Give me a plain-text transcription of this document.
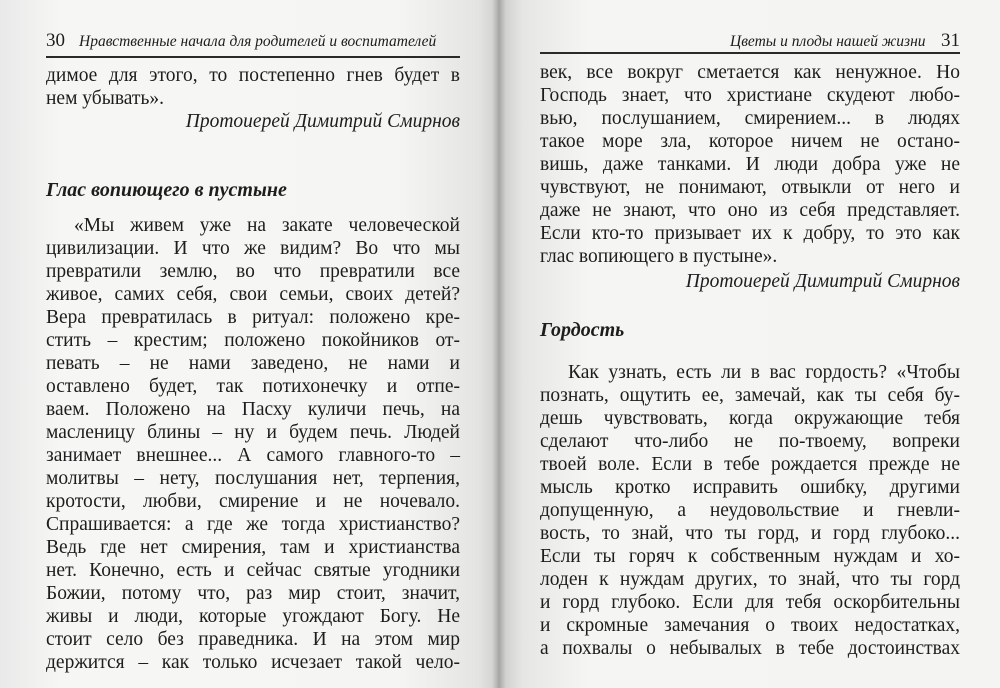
30 Нравственные начала для родителей и воспитателей
димое для этого, то постепенно гнев будет в
нем убывать».
Протоиерей Димитрий Смирнов
Глас вопиющего в пустыне
«Мы живем уже на закате человеческой
цивилизации. И что же видим? Во что мы
превратили землю, во что превратили все
живое, самих себя, свои семьи, своих детей?
Вера превратилась в ритуал: положено кре-
стить – крестим; положено покойников от-
певать – не нами заведено, не нами и
оставлено будет, так потихонечку и отпе-
ваем. Положено на Пасху куличи печь, на
масленицу блины – ну и будем печь. Людей
занимает внешнее... А самого главного-то –
молитвы – нету, послушания нет, терпения,
кротости, любви, смирение и не ночевало.
Спрашивается: а где же тогда христианство?
Ведь где нет смирения, там и христианства
нет. Конечно, есть и сейчас святые угодники
Божии, потому что, раз мир стоит, значит,
живы и люди, которые угождают Богу. Не
стоит село без праведника. И на этом мир
держится – как только исчезает такой чело-
Цветы и плоды нашей жизни 31
век, все вокруг сметается как ненужное. Но
Господь знает, что христиане скудеют любо-
вью, послушанием, смирением... в людях
такое море зла, которое ничем не остано-
вишь, даже танками. И люди добра уже не
чувствуют, не понимают, отвыкли от него и
даже не знают, что оно из себя представляет.
Если кто-то призывает их к добру, то это как
глас вопиющего в пустыне».
Протоиерей Димитрий Смирнов
Гордость
Как узнать, есть ли в вас гордость? «Чтобы
познать, ощутить ее, замечай, как ты себя бу-
дешь чувствовать, когда окружающие тебя
сделают что-либо не по-твоему, вопреки
твоей воле. Если в тебе рождается прежде не
мысль кротко исправить ошибку, другими
допущенную, а неудовольствие и гневли-
вость, то знай, что ты горд, и горд глубоко...
Если ты горяч к собственным нуждам и хо-
лоден к нуждам других, то знай, что ты горд
и горд глубоко. Если для тебя оскорбительны
и скромные замечания о твоих недостатках,
а похвалы о небывалых в тебе достоинствах
